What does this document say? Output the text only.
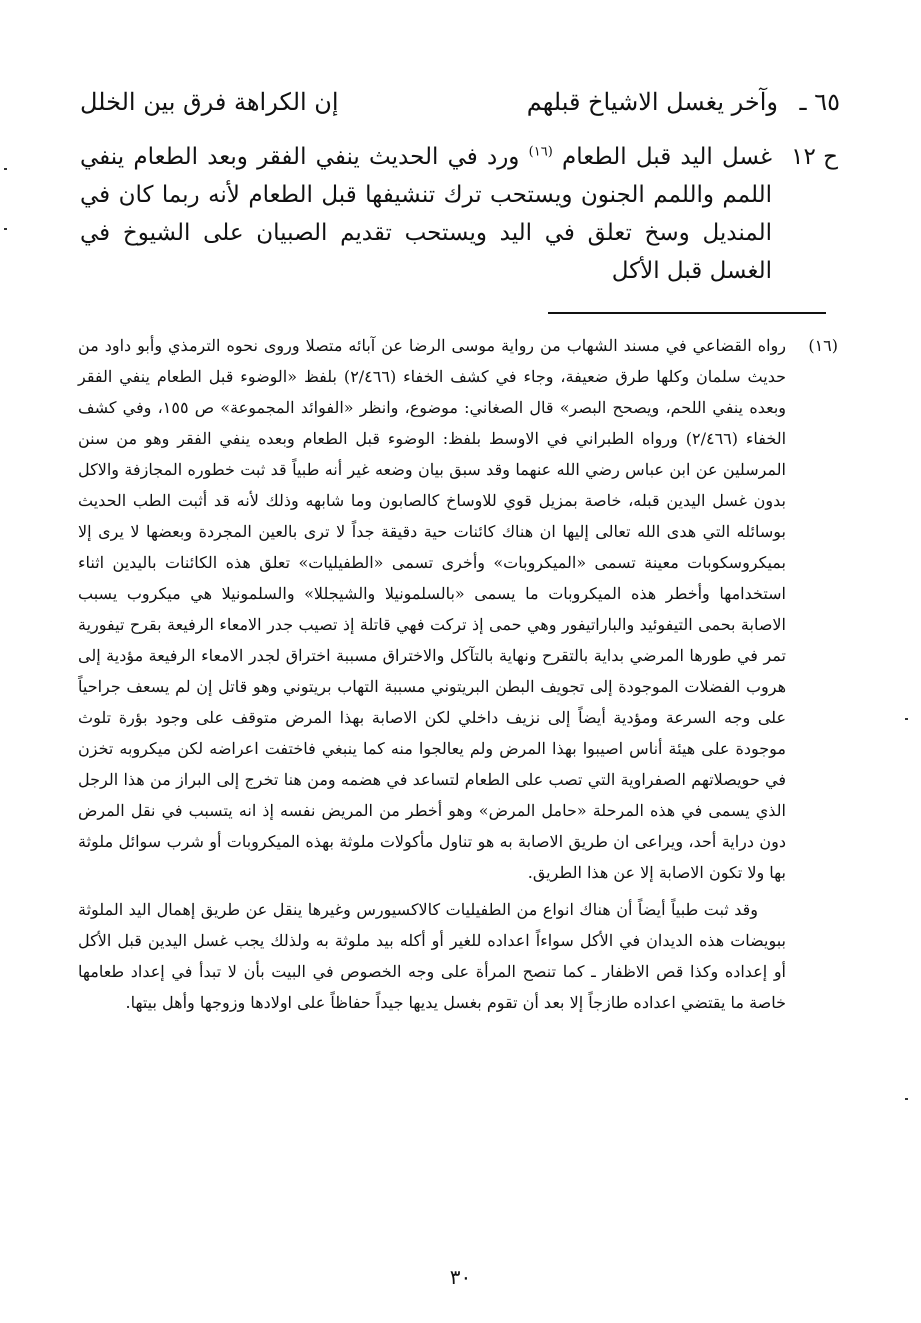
٦٥ ـ
وآخر يغسل الاشياخ قبلهم
إن الكراهة فرق بين الخلل
ح ١٢
غسل اليد قبل الطعام $^{(١٦)}$ ورد في الحديث ينفي الفقر وبعد الطعام ينفي اللمم واللمم الجنون ويستحب ترك تنشيفها قبل الطعام لأنه ربما كان في المنديل وسخ تعلق في اليد ويستحب تقديم الصبيان على الشيوخ في الغسل قبل الأكل
(١٦)
رواه القضاعي في مسند الشهاب من رواية موسى الرضا عن آبائه متصلا وروى نحوه الترمذي وأبو داود من حديث سلمان وكلها طرق ضعيفة، وجاء في كشف الخفاء (٢/٤٦٦) بلفظ «الوضوء قبل الطعام ينفي الفقر وبعده ينفي اللحم، ويصحح البصر» قال الصغاني: موضوع، وانظر «الفوائد المجموعة» ص ١٥٥، وفي كشف الخفاء (٢/٤٦٦) ورواه الطبراني في الاوسط بلفظ: الوضوء قبل الطعام وبعده ينفي الفقر وهو من سنن المرسلين عن ابن عباس رضي الله عنهما وقد سبق بيان وضعه غير أنه طبياً قد ثبت خطوره المجازفة والاكل بدون غسل اليدين قبله، خاصة بمزيل قوي للاوساخ كالصابون وما شابهه وذلك لأنه قد أثبت الطب الحديث بوسائله التي هدى الله تعالى إليها ان هناك كائنات حية دقيقة جداً لا ترى بالعين المجردة وبعضها لا يرى إلا بميكروسكوبات معينة تسمى «الميكروبات» وأخرى تسمى «الطفيليات» تعلق هذه الكائنات باليدين اثناء استخدامها وأخطر هذه الميكروبات ما يسمى «بالسلمونيلا والشيجللا» والسلمونيلا هي ميكروب يسبب الاصابة بحمى التيفوئيد والباراتيفور وهي حمى إذ تركت فهي قاتلة إذ تصيب جدر الامعاء الرفيعة بقرح تيفورية تمر في طورها المرضي بداية بالتقرح ونهاية بالتآكل والاختراق مسببة اختراق لجدر الامعاء الرفيعة مؤدية إلى هروب الفضلات الموجودة إلى تجويف البطن البريتوني مسببة التهاب بريتوني وهو قاتل إن لم يسعف جراحياً على وجه السرعة ومؤدية أيضاً إلى نزيف داخلي لكن الاصابة بهذا المرض متوقف على وجود بؤرة تلوث موجودة على هيئة أناس اصيبوا بهذا المرض ولم يعالجوا منه كما ينبغي فاختفت اعراضه لكن ميكروبه تخزن في حويصلاتهم الصفراوية التي تصب على الطعام لتساعد في هضمه ومن هنا تخرج إلى البراز من هذا الرجل الذي يسمى في هذه المرحلة «حامل المرض» وهو أخطر من المريض نفسه إذ انه يتسبب في نقل المرض دون دراية أحد، ويراعى ان طريق الاصابة به هو تناول مأكولات ملوثة بهذه الميكروبات أو شرب سوائل ملوثة بها ولا تكون الاصابة إلا عن هذا الطريق.
وقد ثبت طبياً أيضاً أن هناك انواع من الطفيليات كالاكسيورس وغيرها ينقل عن طريق إهمال اليد الملوثة ببويضات هذه الديدان في الأكل سواءاً اعداده للغير أو أكله بيد ملوثة به ولذلك يجب غسل اليدين قبل الأكل أو إعداده وكذا قص الاظفار ـ كما تنصح المرأة على وجه الخصوص في البيت بأن لا تبدأ في إعداد طعامها خاصة ما يقتضي اعداده طازجاً إلا بعد أن تقوم بغسل يديها جيداً حفاظاً على اولادها وزوجها وأهل بيتها.
٣٠
